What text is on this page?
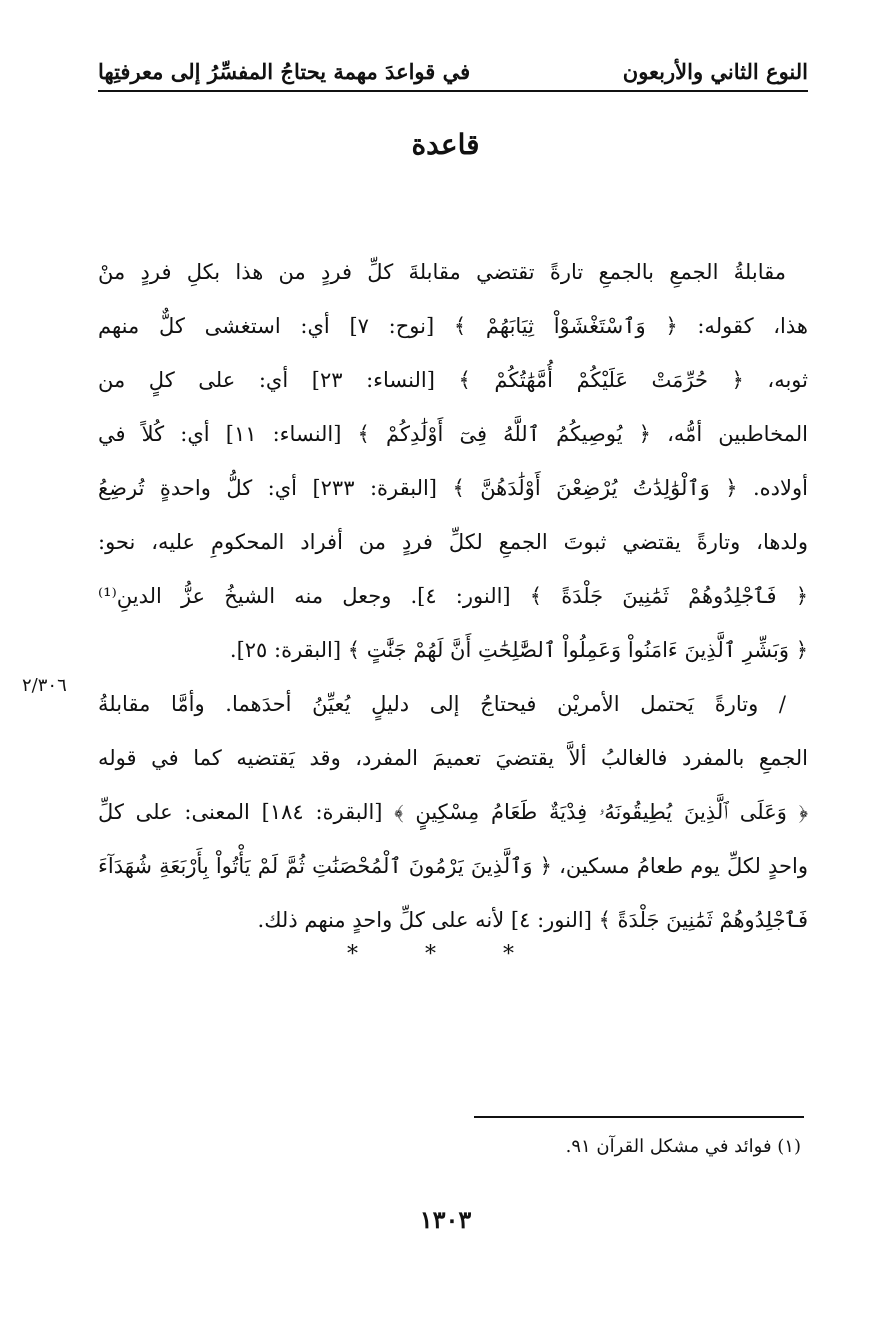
النوع الثاني والأربعون
في قواعدَ مهمة يحتاجُ المفسِّرُ إلى معرفتِها
قاعدة
مقابلةُ الجمعِ بالجمعِ تارةً تقتضي مقابلةَ كلِّ فردٍ من هذا بكلِ فردٍ منْ
هذا، كقوله: ﴿ وَٱسْتَغْشَوْاْ ثِيَابَهُمْ ﴾ [نوح: ٧] أي: استغشى كلٌّ منهم
ثوبه، ﴿ حُرِّمَتْ عَلَيْكُمْ أُمَّهَٰتُكُمْ ﴾ [النساء: ٢٣] أي: على كلٍ من
المخاطبين أمُّه، ﴿ يُوصِيكُمُ ٱللَّهُ فِىٓ أَوْلَٰدِكُمْ ﴾ [النساء: ١١] أي: كُلاً في
أولاده. ﴿ وَٱلْوَٰلِدَٰتُ يُرْضِعْنَ أَوْلَٰدَهُنَّ ﴾ [البقرة: ٢٣٣] أي: كلُّ واحدةٍ تُرضِعُ
ولدها، وتارةً يقتضي ثبوتَ الجمعِ لكلِّ فردٍ من أفراد المحكومِ عليه، نحو:
﴿ فَٱجْلِدُوهُمْ ثَمَٰنِينَ جَلْدَةً ﴾ [النور: ٤]. وجعل منه الشيخُ عزُّ الدينِ⁽¹⁾
﴿ وَبَشِّرِ ٱلَّذِينَ ءَامَنُواْ وَعَمِلُواْ ٱلصَّٰلِحَٰتِ أَنَّ لَهُمْ جَنَّٰتٍ ﴾ [البقرة: ٢٥].
/ وتارةً يَحتمل الأمريْن فيحتاجُ إلى دليلٍ يُعيِّنُ أحدَهما. وأمَّا مقابلةُ
الجمعِ بالمفرد فالغالبُ ألاَّ يقتضيَ تعميمَ المفرد، وقد يَقتضيه كما في قوله
﴿ وَعَلَى ٱلَّذِينَ يُطِيقُونَهُۥ فِدْيَةٌ طَعَامُ مِسْكِينٍ ﴾ [البقرة: ١٨٤] المعنى: على كلِّ
واحدٍ لكلِّ يوم طعامُ مسكين، ﴿ وَٱلَّذِينَ يَرْمُونَ ٱلْمُحْصَنَٰتِ ثُمَّ لَمْ يَأْتُواْ بِأَرْبَعَةِ شُهَدَآءَ
فَٱجْلِدُوهُمْ ثَمَٰنِينَ جَلْدَةً ﴾ [النور: ٤] لأنه على كلِّ واحدٍ منهم ذلك.
٢/٣٠٦
* * *
(١) فوائد في مشكل القرآن ٩١.
١٣٠٣
